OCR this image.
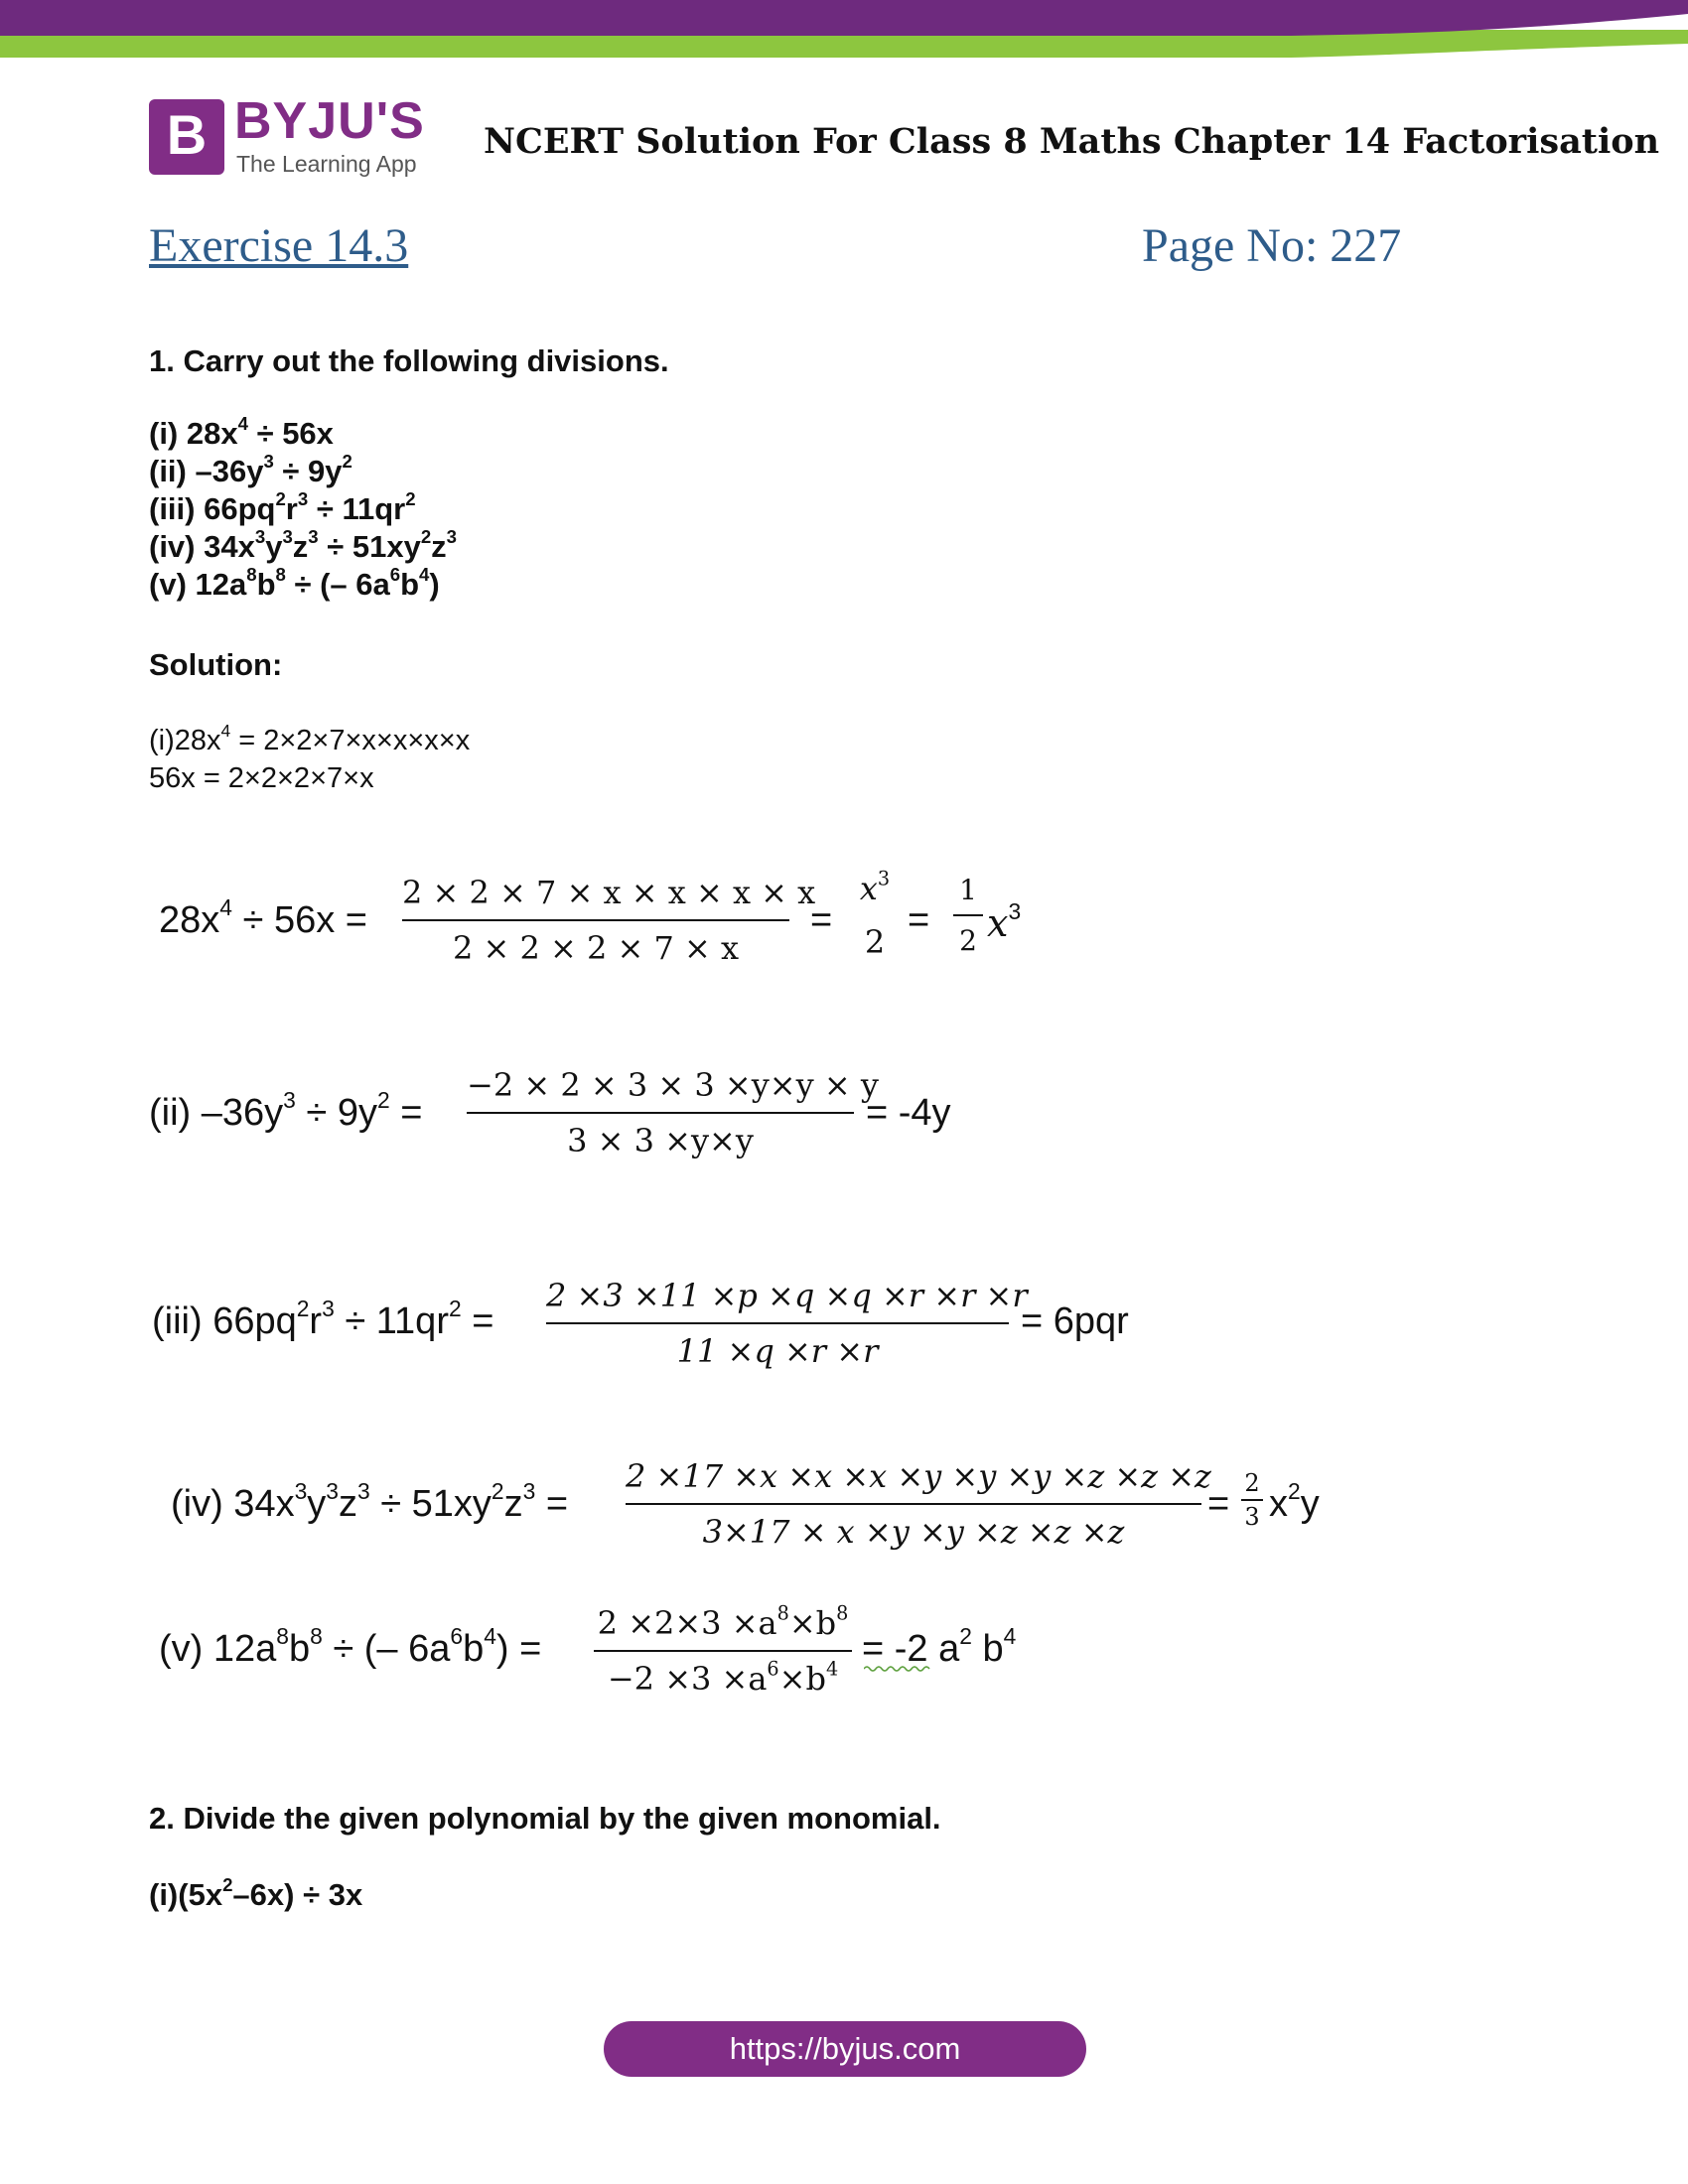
B BYJU'S
The Learning App
NCERT Solution For Class 8 Maths Chapter 14 Factorisation
Exercise 14.3	Page No: 227
1. Carry out the following divisions.
(i) $28x^4 \div 56x$
(ii) $-36y^3 \div 9y^2$
(iii) $66pq^2r^3 \div 11qr^2$
(iv) $34x^3y^3z^3 \div 51xy^2z^3$
(v) $12a^8b^8$ ÷ (– $6a^6b^4$)
Solution:
$(i)28x^4 = 2\times 2\times 7\times x\times x\times x\times x$
56x = 2×2×2×7×x
$28x^4 \div 56x = \frac{2 \times 2 \times 7 \times x \times x \times x \times x}{2 \times 2 \times 2 \times 7 \times x}$ =
$x^3$
2
= $\frac{1}{2} x^3$
(ii) $-36y^3 \div 9y^2 = \frac{-2 \times 2 \times 3 \times 3 \times y\times y \times y}{3 \times 3 \times y\times y} = -4y$
(iii) $66pq^2r^3 \div 11qr^2 = \frac{2 \times 3 \times 11 \times p \times q \times q \times r \times r \times r}{11 \times q \times r \times r} = 6pqr$
(iv) $34x^3y^3z^3 \div 51xy^2z^3 = \frac{2 \times 17 \times x \times x \times x \times y \times y \times y \times z \times z \times z}{3\times 17 \times x \times y \times y \times z \times z \times z} = \frac{2}{3} x^2y$
(v) $12a^8b^8$ ÷ (– $6a^6b^4) = \frac{2 \times 2\times 3 \times a^8\times b^8}{-2 \times 3 \times a^6\times b^4} = -2$ $a^2$ $b^4$
2. Divide the given polynomial by the given monomial.
$(i)(5x^2-6x) \div 3x$
https://byjus.com
